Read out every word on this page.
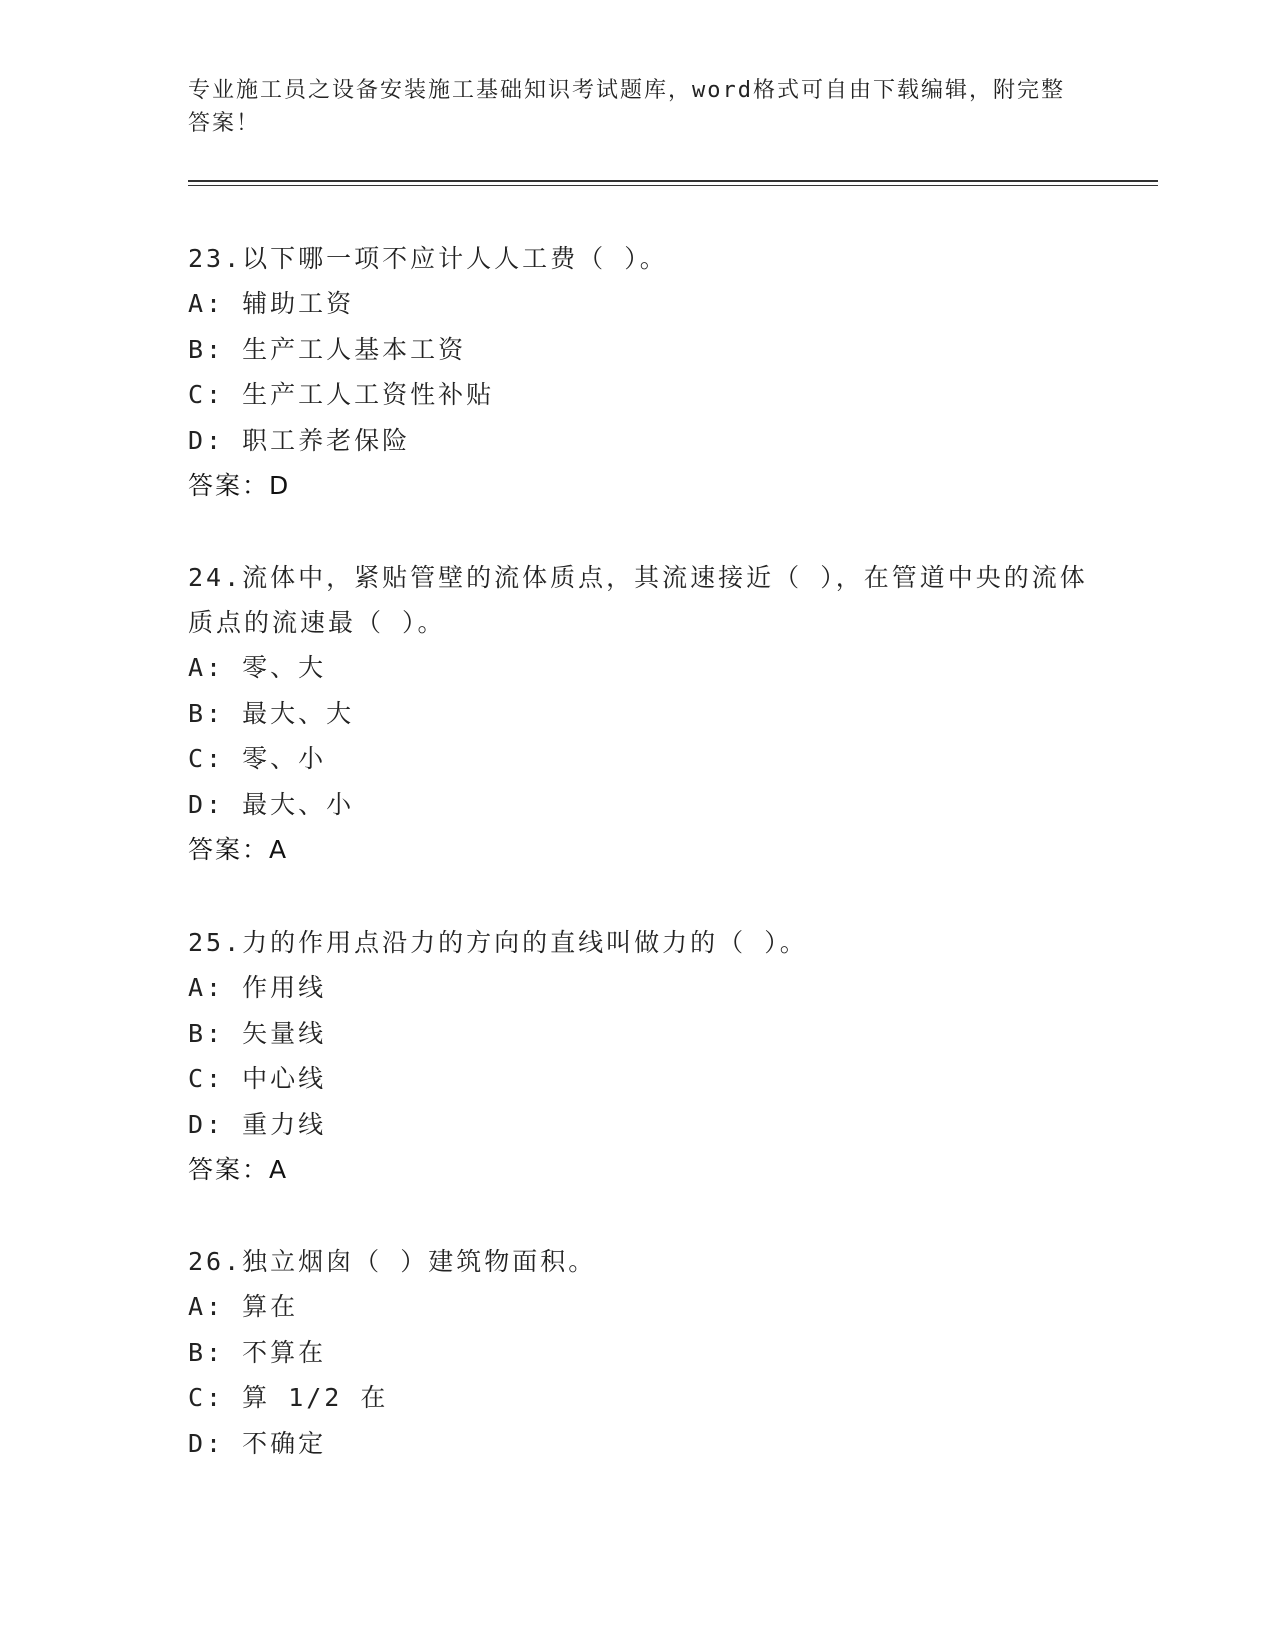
专业施工员之设备安装施工基础知识考试题库，word格式可自由下载编辑，附完整答案！

23.以下哪一项不应计人人工费（ ）。

A: 辅助工资

B: 生产工人基本工资

C: 生产工人工资性补贴

D: 职工养老保险

答案：D

24.流体中，紧贴管壁的流体质点，其流速接近（ ），在管道中央的流体质点的流速最（ ）。

A: 零、大

B: 最大、大

C: 零、小

D: 最大、小

答案：A

25.力的作用点沿力的方向的直线叫做力的（ ）。

A: 作用线

B: 矢量线

C: 中心线

D: 重力线

答案：A

26.独立烟囱（ ）建筑物面积。

A: 算在

B: 不算在

C: 算 1/2 在

D: 不确定
